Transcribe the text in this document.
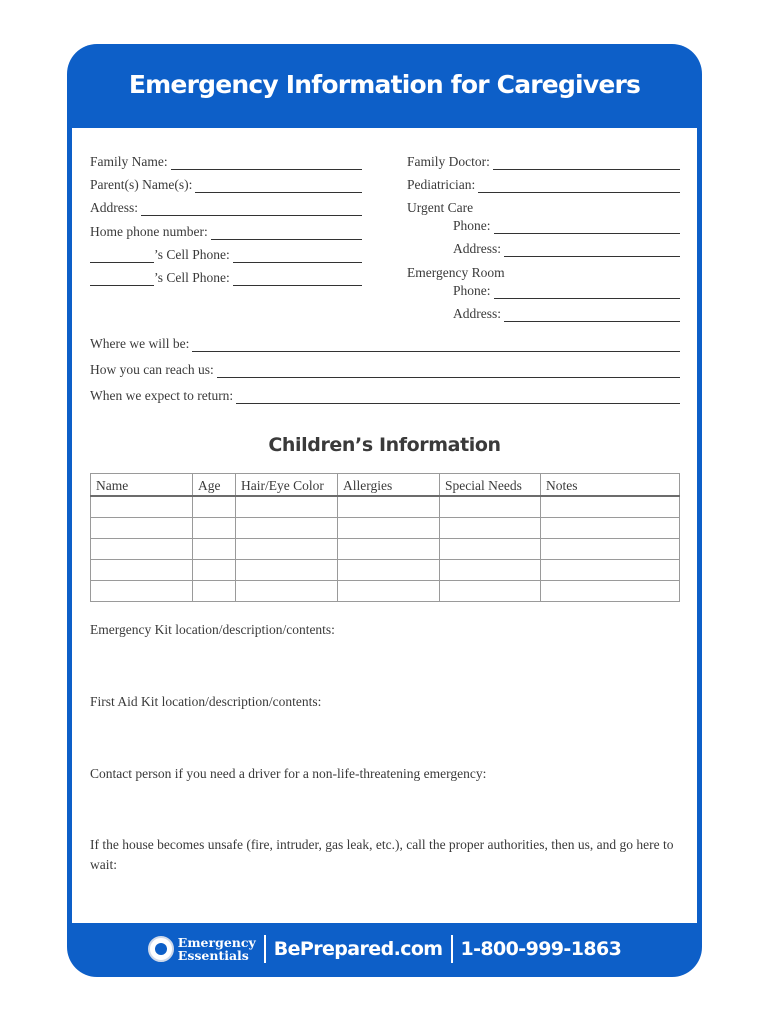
Emergency Information for Caregivers
Family Name:
Parent(s) Name(s):
Address:
Home phone number:
’s Cell Phone:
’s Cell Phone:
Family Doctor:
Pediatrician:
Urgent Care
Phone:
Address:
Emergency Room
Phone:
Address:
Where we will be:
How you can reach us:
When we expect to return:
Children’s Information
Name	Age	Hair/Eye Color	Allergies	Special Needs	Notes

Emergency Kit location/description/contents:
First Aid Kit location/description/contents:
Contact person if you need a driver for a non-life-threatening emergency:
If the house becomes unsafe (fire, intruder, gas leak, etc.), call the proper authorities, then us, and go here to wait:
Emergency
Essentials	BePrepared.com 1-800-999-1863
